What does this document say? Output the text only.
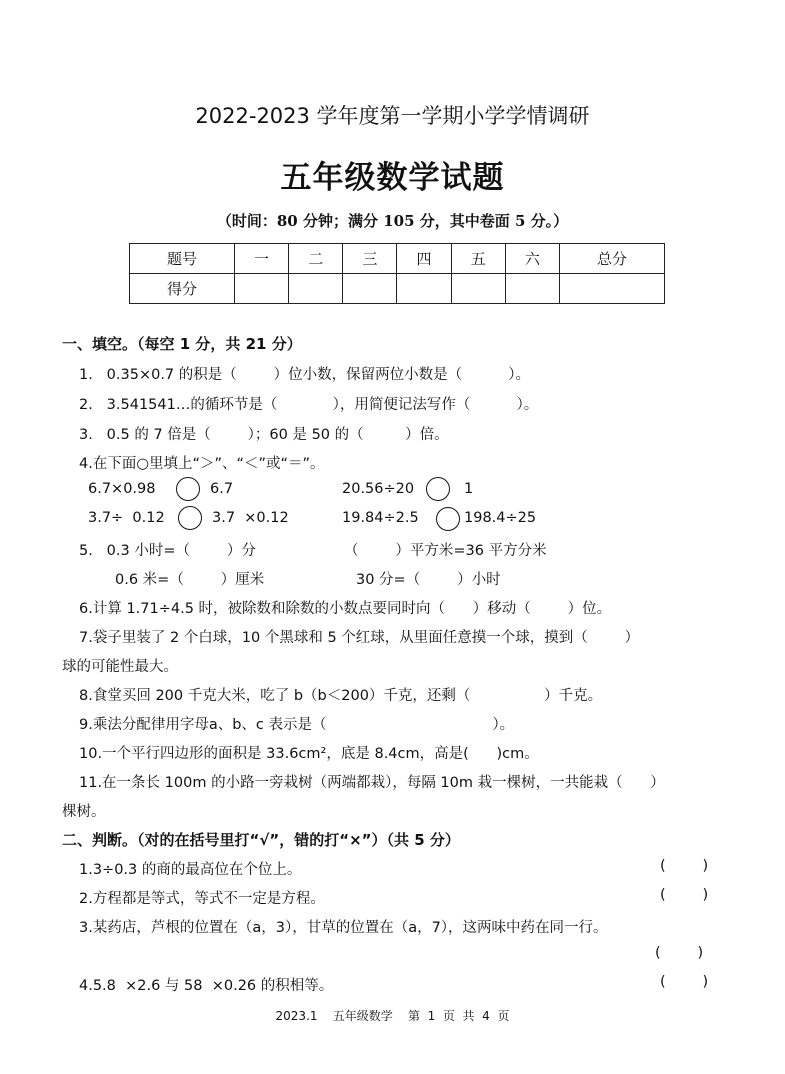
2022-2023 学年度第一学期小学学情调研
五年级数学试题
（时间：80 分钟；满分 105 分，其中卷面 5 分。）
题号	一	二	三	四	五	六	总分
得分							
一、填空。（每空 1 分，共 21 分）
1.   0.35×0.7 的积是（        ）位小数，保留两位小数是（          ）。
2.   3.541541…的循环节是（            ），用简便记法写作（          ）。
3.   0.5 的 7 倍是（        ）；60 是 50 的（         ）倍。
4.在下面○里填上“＞”、“＜”或“＝”。
6.7×0.98	6.7	20.56÷20	1
3.7÷  0.12	3.7  ×0.12	19.84÷2.5	198.4÷25
5.   0.3 小时=（        ）分	（        ）平方米=36 平方分米
0.6 米=（        ）厘米	30 分=（        ）小时
6.计算 1.71÷4.5 时，被除数和除数的小数点要同时向（      ）移动（        ）位。
7.袋子里装了 2 个白球，10 个黑球和 5 个红球，从里面任意摸一个球，摸到（        ）
球的可能性最大。
8.食堂买回 200 千克大米，吃了 b（b＜200）千克，还剩（                ）千克。
9.乘法分配律用字母a、b、c 表示是（                                    ）。
10.一个平行四边形的面积是 33.6cm²，底是 8.4cm，高是(      )cm。
11.在一条长 100m 的小路一旁栽树（两端都栽），每隔 10m 栽一棵树，一共能栽（      ）
棵树。
二、判断。（对的在括号里打“√”，错的打“×”）（共 5 分）
1.3÷0.3 的商的最高位在个位上。	(        )
2.方程都是等式，等式不一定是方程。	(        )
3.某药店，芦根的位置在（a，3），甘草的位置在（a，7），这两味中药在同一行。
(        )
4.5.8  ×2.6 与 58  ×0.26 的积相等。	(        )
2023.1    五年级数学    第  1  页  共  4  页
